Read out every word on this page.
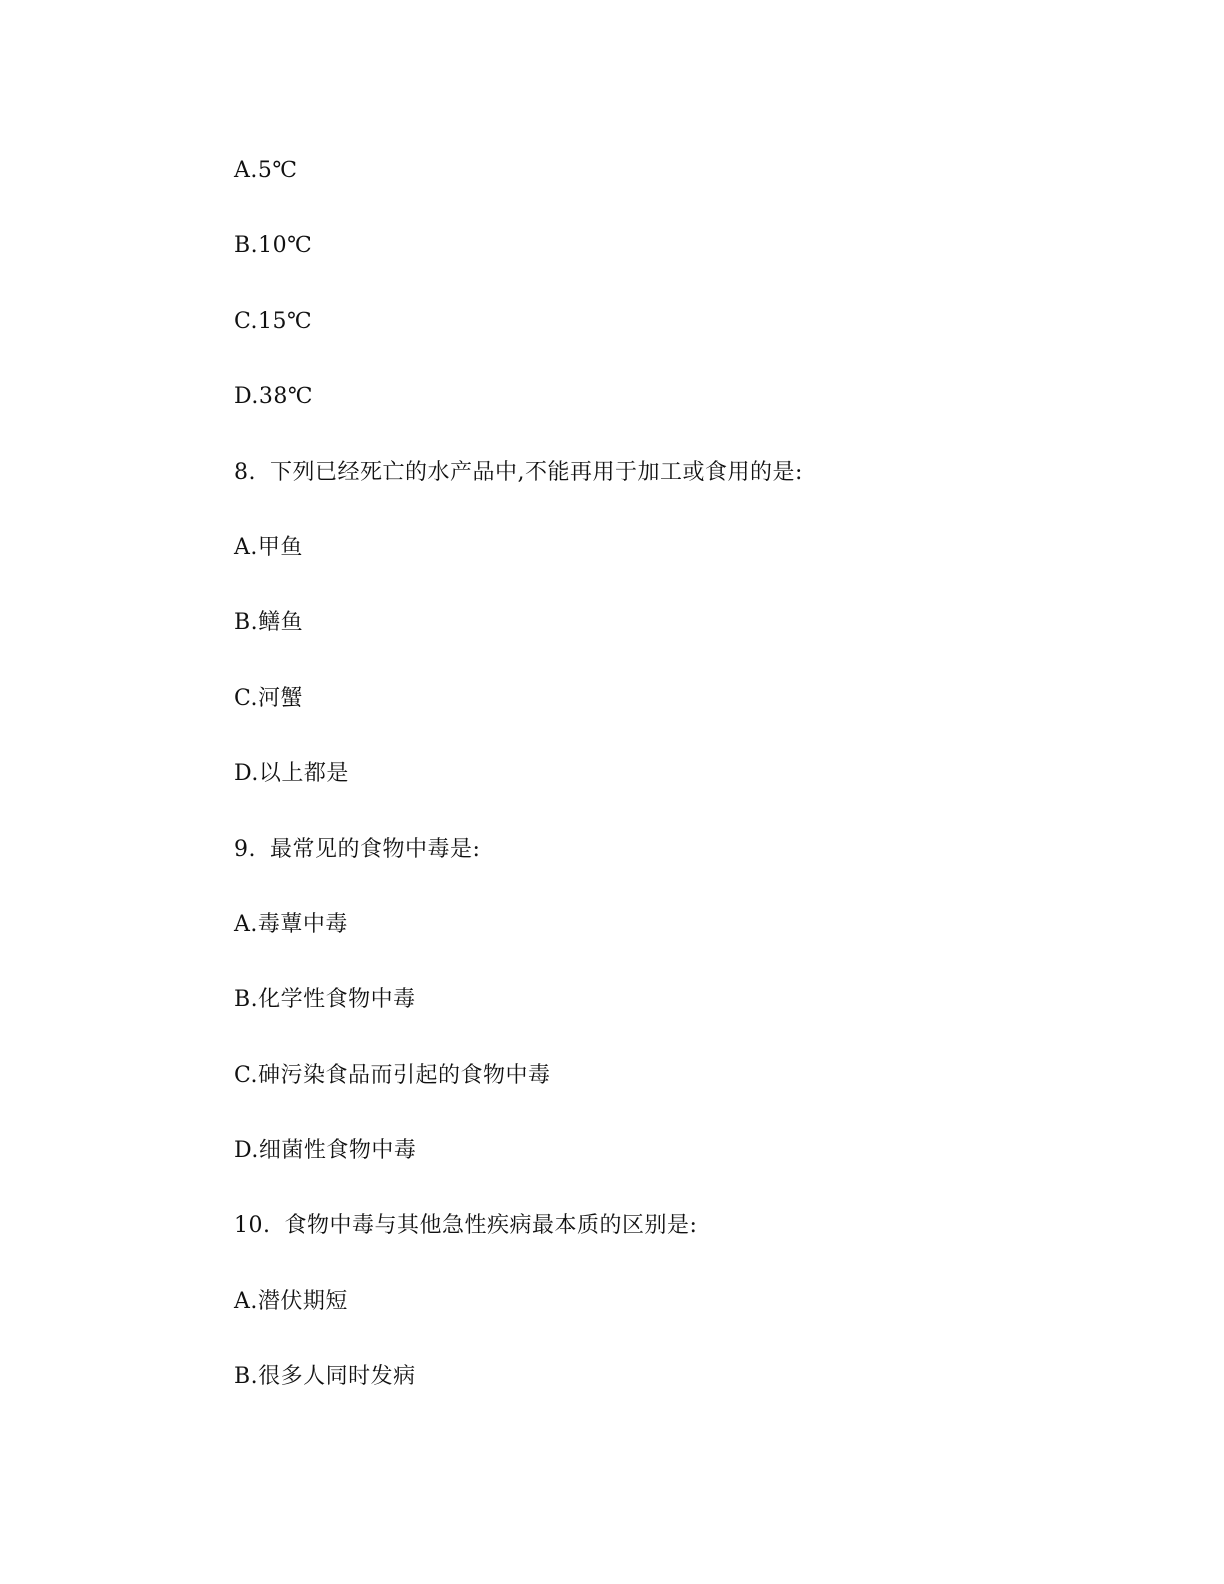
A.5℃
B.10℃
C.15℃
D.38℃
8. 下列已经死亡的水产品中,不能再用于加工或食用的是:
A.甲鱼
B.鳝鱼
C.河蟹
D.以上都是
9. 最常见的食物中毒是:
A.毒蕈中毒
B.化学性食物中毒
C.砷污染食品而引起的食物中毒
D.细菌性食物中毒
10. 食物中毒与其他急性疾病最本质的区别是:
A.潜伏期短
B.很多人同时发病
